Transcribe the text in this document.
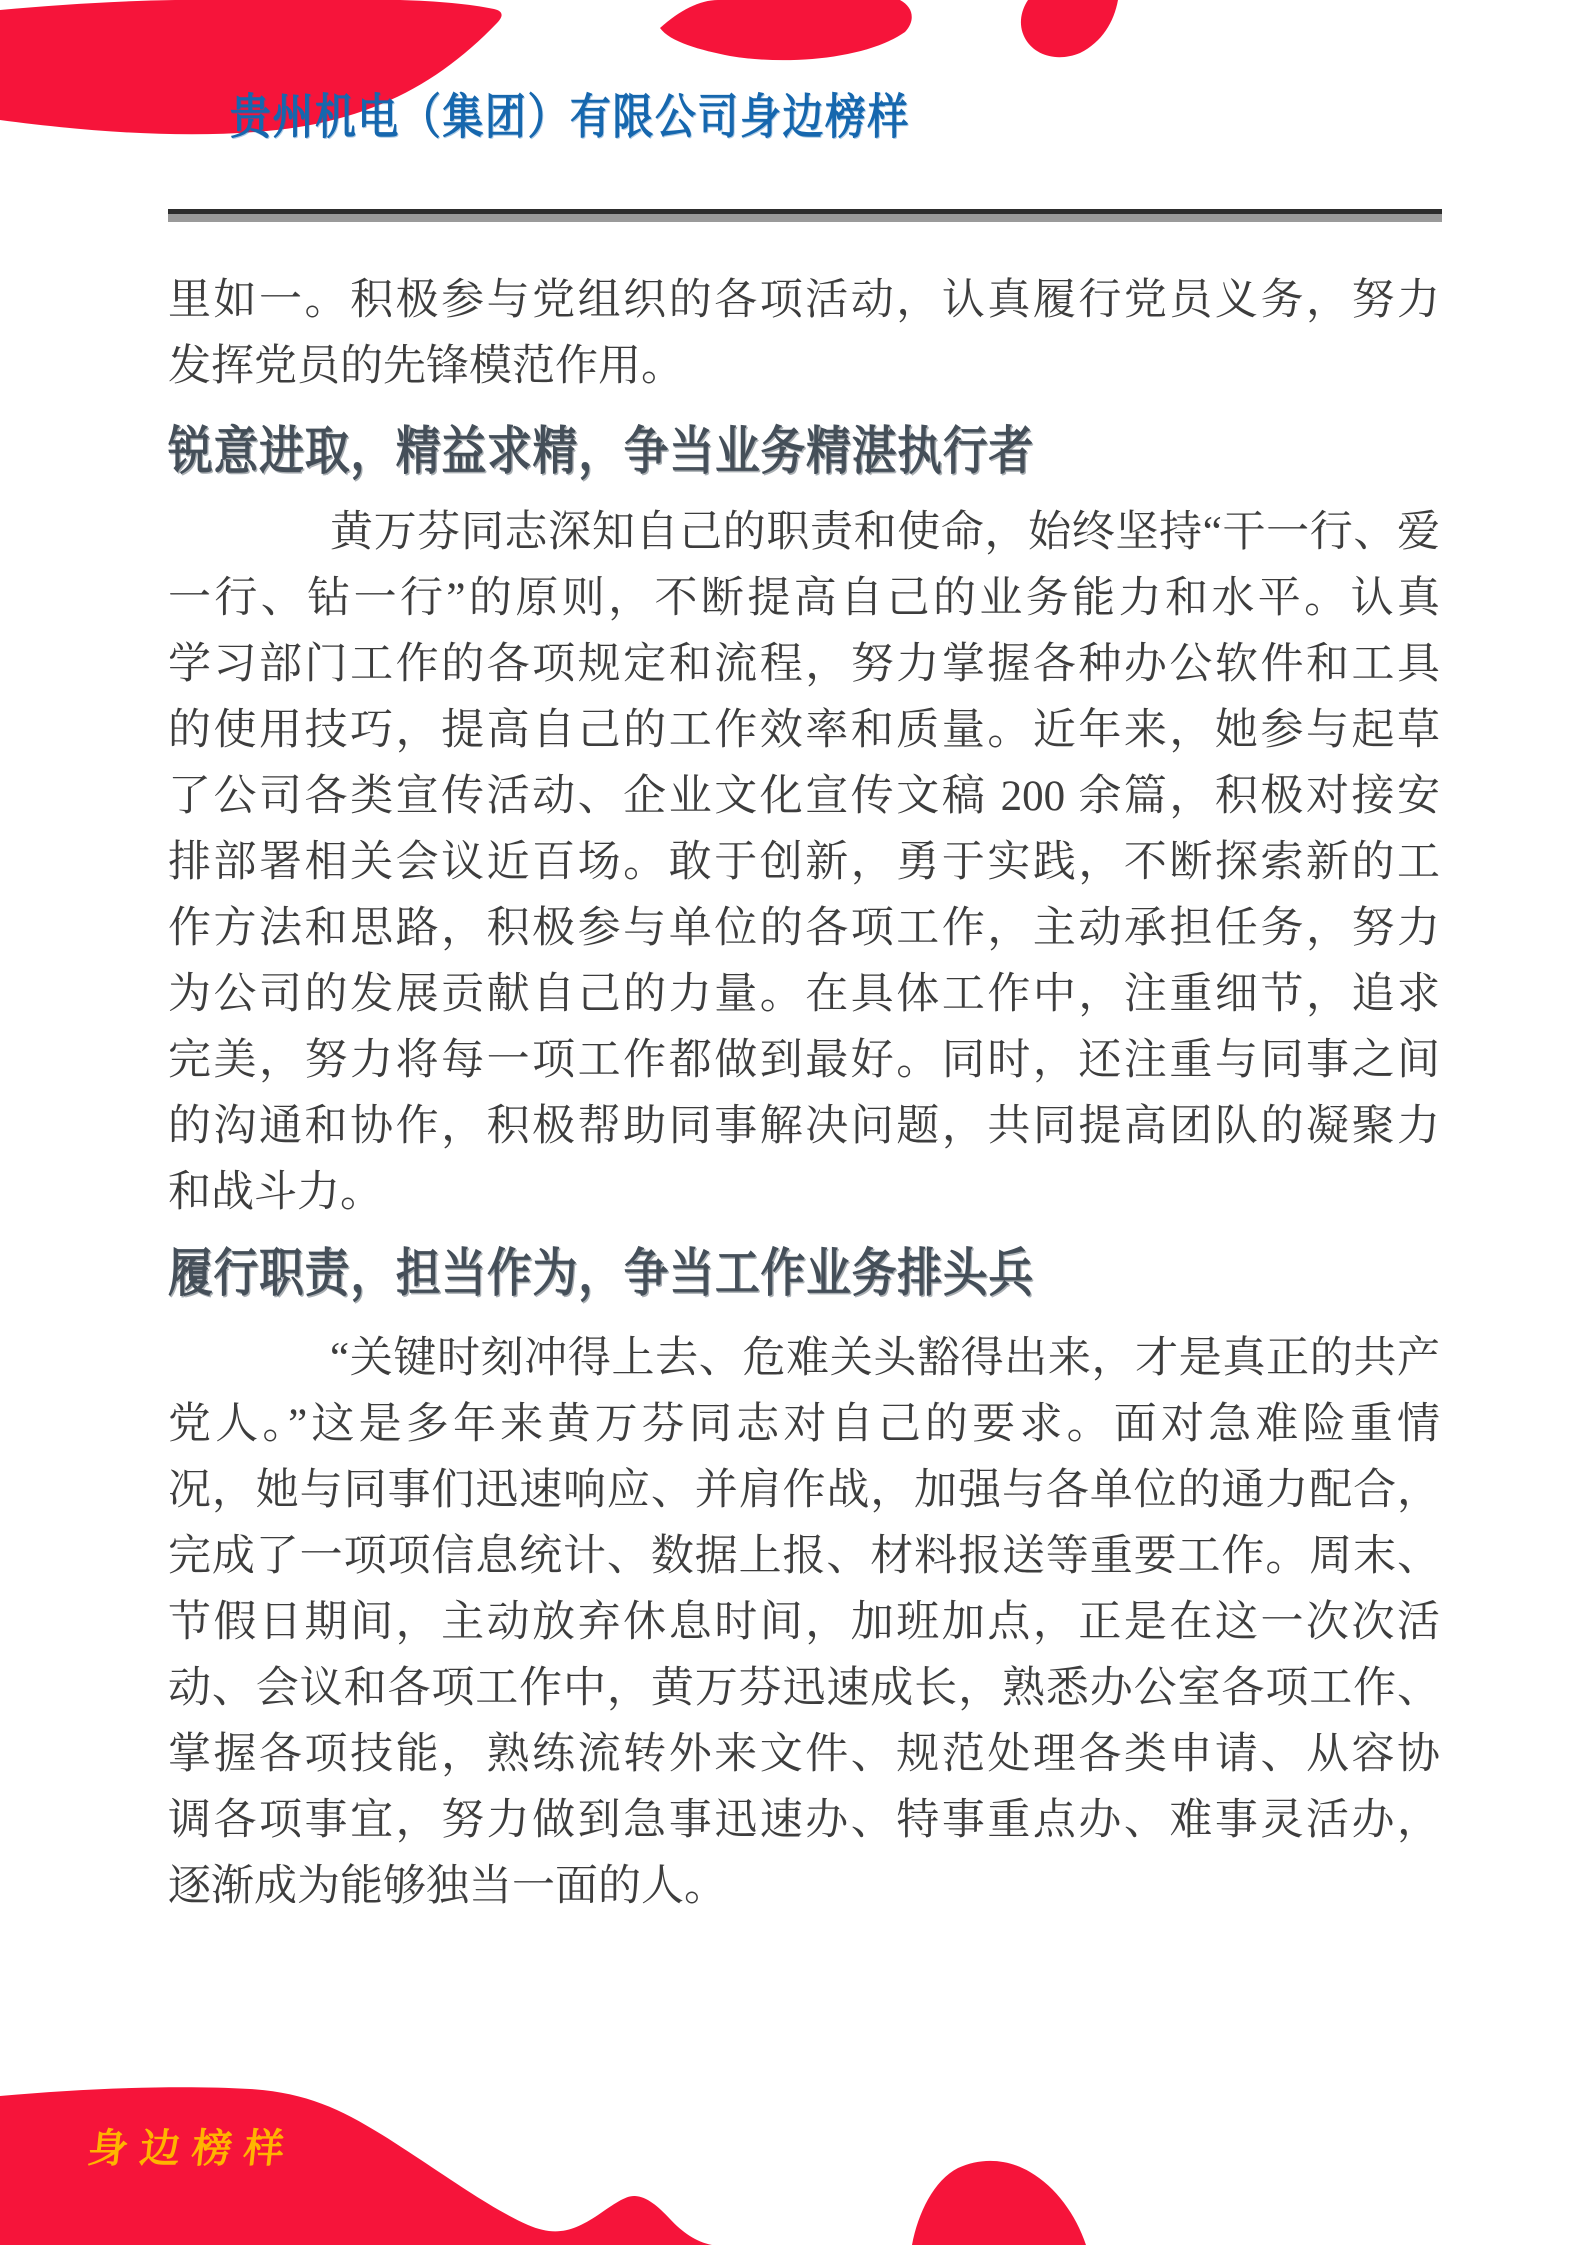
贵州机电（集团）有限公司身边榜样
里如一。积极参与党组织的各项活动，认真履行党员义务，努力
发挥党员的先锋模范作用。
锐意进取，精益求精，争当业务精湛执行者
黄万芬同志深知自己的职责和使命，始终坚持“干一行、爱
一行、钻一行”的原则，不断提高自己的业务能力和水平。认真
学习部门工作的各项规定和流程，努力掌握各种办公软件和工具
的使用技巧，提高自己的工作效率和质量。近年来，她参与起草
了公司各类宣传活动、企业文化宣传文稿 200 余篇，积极对接安
排部署相关会议近百场。敢于创新，勇于实践，不断探索新的工
作方法和思路，积极参与单位的各项工作，主动承担任务，努力
为公司的发展贡献自己的力量。在具体工作中，注重细节，追求
完美，努力将每一项工作都做到最好。同时，还注重与同事之间
的沟通和协作，积极帮助同事解决问题，共同提高团队的凝聚力
和战斗力。
履行职责，担当作为，争当工作业务排头兵
“关键时刻冲得上去、危难关头豁得出来，才是真正的共产
党人。”这是多年来黄万芬同志对自己的要求。面对急难险重情
况，她与同事们迅速响应、并肩作战，加强与各单位的通力配合，
完成了一项项信息统计、数据上报、材料报送等重要工作。周末、
节假日期间，主动放弃休息时间，加班加点，正是在这一次次活
动、会议和各项工作中，黄万芬迅速成长，熟悉办公室各项工作、
掌握各项技能，熟练流转外来文件、规范处理各类申请、从容协
调各项事宜，努力做到急事迅速办、特事重点办、难事灵活办，
逐渐成为能够独当一面的人。
身边榜样
